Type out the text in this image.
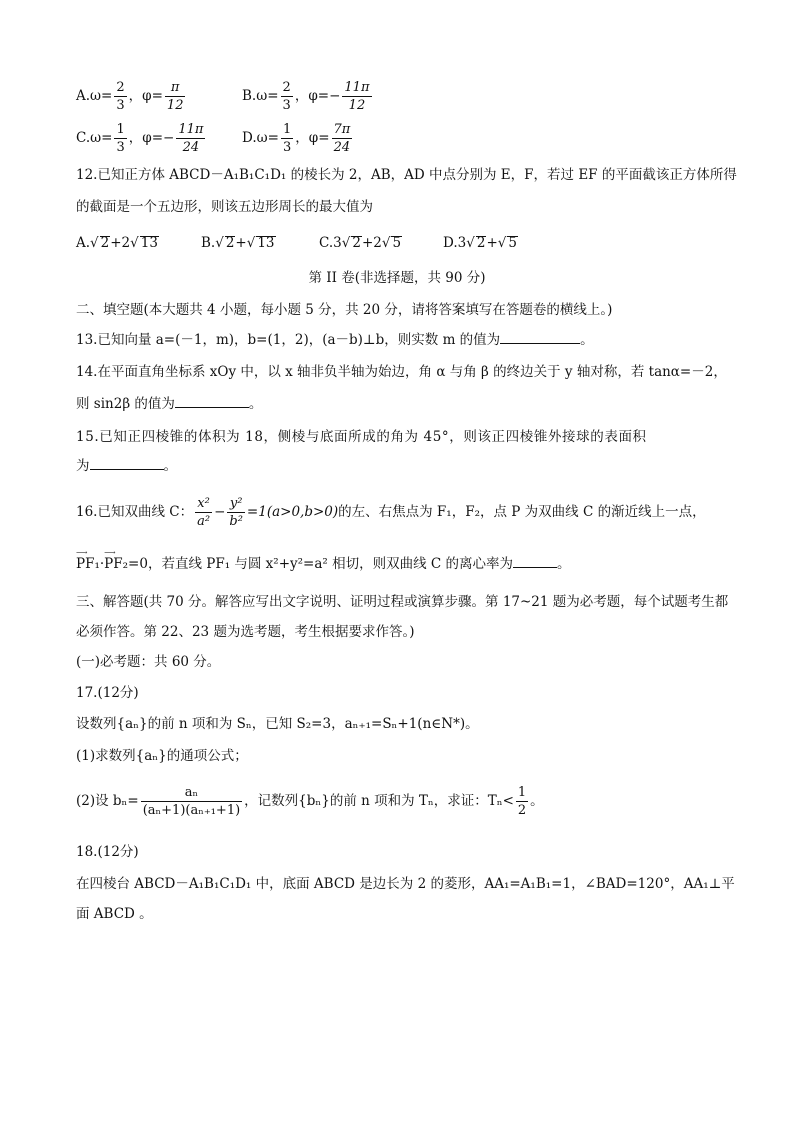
$A.\omega= \frac{2}{3}$ ，$\varphi= \frac{\pi}{12}$	$B.\omega= \frac{2}{3}$ ，$\varphi=- \frac{11\pi}{12}$
$C.\omega= \frac{1}{3}$ ，$\varphi=- \frac{11\pi}{24}$	$D.\omega= \frac{1}{3}$ ，$\varphi= \frac{7\pi}{24}$
12.已知正方体 ABCD－A₁B₁C₁D₁ 的棱长为 2，AB，AD 中点分别为 E，F，若过 EF 的平面截该正方体所得
的截面是一个五边形，则该五边形周长的最大值为
A.√ 2+2√ 13	B.√ 2+√ 13	C.3√ 2+2√ 5	D.3√ 2+√ 5
第 II 卷(非选择题，共 90 分)
二、填空题(本大题共 4 小题，每小题 5 分，共 20 分，请将答案填写在答题卷的横线上。)
13.已知向量 a=(－1，m)，b=(1，2)，(a－b)⊥b，则实数 m 的值为	。
14.在平面直角坐标系 xOy 中，以 x 轴非负半轴为始边，角 α 与角 β 的终边关于 y 轴对称，若 tanα=－2，
则 sin2β 的值为	。
15.已知正四棱锥的体积为 18，侧棱与底面所成的角为 45°，则该正四棱锥外接球的表面积
为	。
16.已知双曲线 C： $\frac{\text{x²}}{\text{a²}} - \frac{\text{y²}}{\text{b²}} =1(a>0,b>0)$的左、右焦点为 F₁，F₂，点 P 为双曲线 C 的渐近线上一点，
⟶
PF₁·
⟶
PF₂=0，若直线 PF₁ 与圆 x²+y²=a² 相切，则双曲线 C 的离心率为	。
三、解答题(共 70 分。解答应写出文字说明、证明过程或演算步骤。第 17~21 题为必考题，每个试题考生都
必须作答。第 22、23 题为选考题，考生根据要求作答。)
(一)必考题：共 60 分。
17.(12分)
设数列{aₙ}的前 n 项和为 Sₙ，已知 S₂=3，aₙ₊₁=Sₙ+1(n∈N*)。
(1)求数列{aₙ}的通项公式；
(2)设 $b_n= \frac{\text{aₙ}}{\text{(aₙ+1)(aₙ₊₁+1)}}$ ，记数列{bₙ}的前 n 项和为 Tₙ，求证：$T_n< \frac{1}{2}$ 。
18.(12分)
在四棱台 ABCD－A₁B₁C₁D₁ 中，底面 ABCD 是边长为 2 的菱形，AA₁=A₁B₁=1，∠BAD=120°，AA₁⊥平
面 ABCD 。
